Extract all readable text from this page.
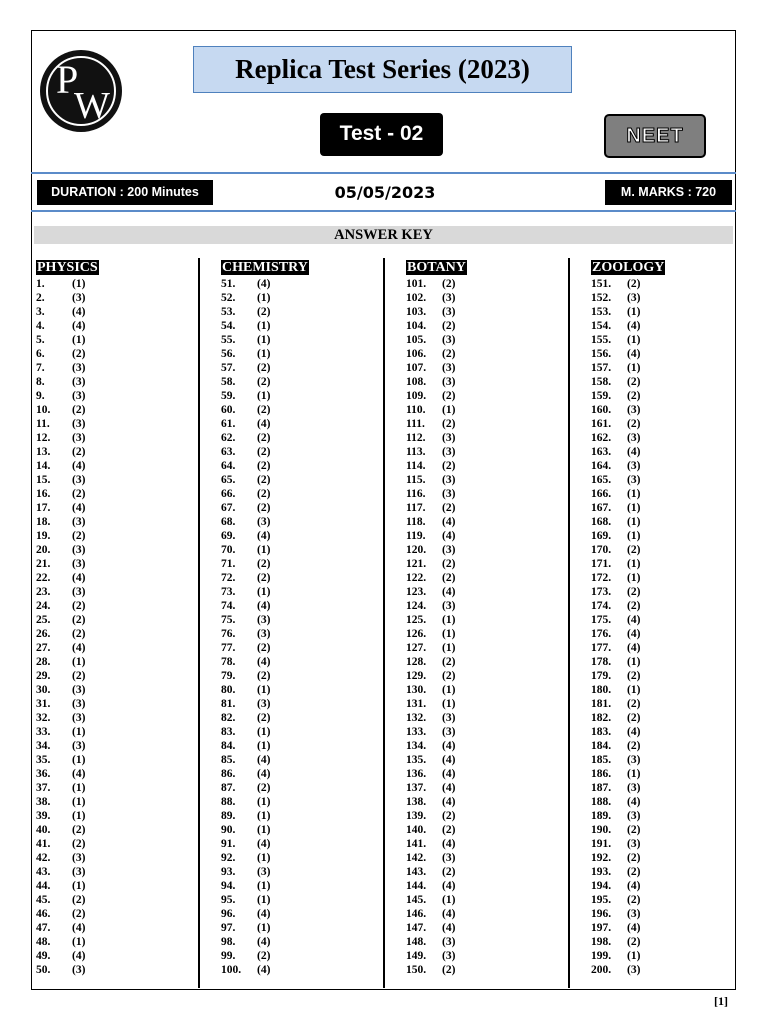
P
W
Replica Test Series (2023)
Test - 02	NEET
DURATION : 200 Minutes	05/05/2023	M. MARKS : 720
ANSWER KEY
PHYSICS
1. (1)
2. (3)
3. (4)
4. (4)
5. (1)
6. (2)
7. (3)
8. (3)
9. (3)
10. (2)
11. (3)
12. (3)
13. (2)
14. (4)
15. (3)
16. (2)
17. (4)
18. (3)
19. (2)
20. (3)
21. (3)
22. (4)
23. (3)
24. (2)
25. (2)
26. (2)
27. (4)
28. (1)
29. (2)
30. (3)
31. (3)
32. (3)
33. (1)
34. (3)
35. (1)
36. (4)
37. (1)
38. (1)
39. (1)
40. (2)
41. (2)
42. (3)
43. (3)
44. (1)
45. (2)
46. (2)
47. (4)
48. (1)
49. (4)
50. (3)
CHEMISTRY
51. (4)
52. (1)
53. (2)
54. (1)
55. (1)
56. (1)
57. (2)
58. (2)
59. (1)
60. (2)
61. (4)
62. (2)
63. (2)
64. (2)
65. (2)
66. (2)
67. (2)
68. (3)
69. (4)
70. (1)
71. (2)
72. (2)
73. (1)
74. (4)
75. (3)
76. (3)
77. (2)
78. (4)
79. (2)
80. (1)
81. (3)
82. (2)
83. (1)
84. (1)
85. (4)
86. (4)
87. (2)
88. (1)
89. (1)
90. (1)
91. (4)
92. (1)
93. (3)
94. (1)
95. (1)
96. (4)
97. (1)
98. (4)
99. (2)
100. (4)
BOTANY
101. (2)
102. (3)
103. (3)
104. (2)
105. (3)
106. (2)
107. (3)
108. (3)
109. (2)
110. (1)
111. (2)
112. (3)
113. (3)
114. (2)
115. (3)
116. (3)
117. (2)
118. (4)
119. (4)
120. (3)
121. (2)
122. (2)
123. (4)
124. (3)
125. (1)
126. (1)
127. (1)
128. (2)
129. (2)
130. (1)
131. (1)
132. (3)
133. (3)
134. (4)
135. (4)
136. (4)
137. (4)
138. (4)
139. (2)
140. (2)
141. (4)
142. (3)
143. (2)
144. (4)
145. (1)
146. (4)
147. (4)
148. (3)
149. (3)
150. (2)
ZOOLOGY
151. (2)
152. (3)
153. (1)
154. (4)
155. (1)
156. (4)
157. (1)
158. (2)
159. (2)
160. (3)
161. (2)
162. (3)
163. (4)
164. (3)
165. (3)
166. (1)
167. (1)
168. (1)
169. (1)
170. (2)
171. (1)
172. (1)
173. (2)
174. (2)
175. (4)
176. (4)
177. (4)
178. (1)
179. (2)
180. (1)
181. (2)
182. (2)
183. (4)
184. (2)
185. (3)
186. (1)
187. (3)
188. (4)
189. (3)
190. (2)
191. (3)
192. (2)
193. (2)
194. (4)
195. (2)
196. (3)
197. (4)
198. (2)
199. (1)
200. (3)
[1]
